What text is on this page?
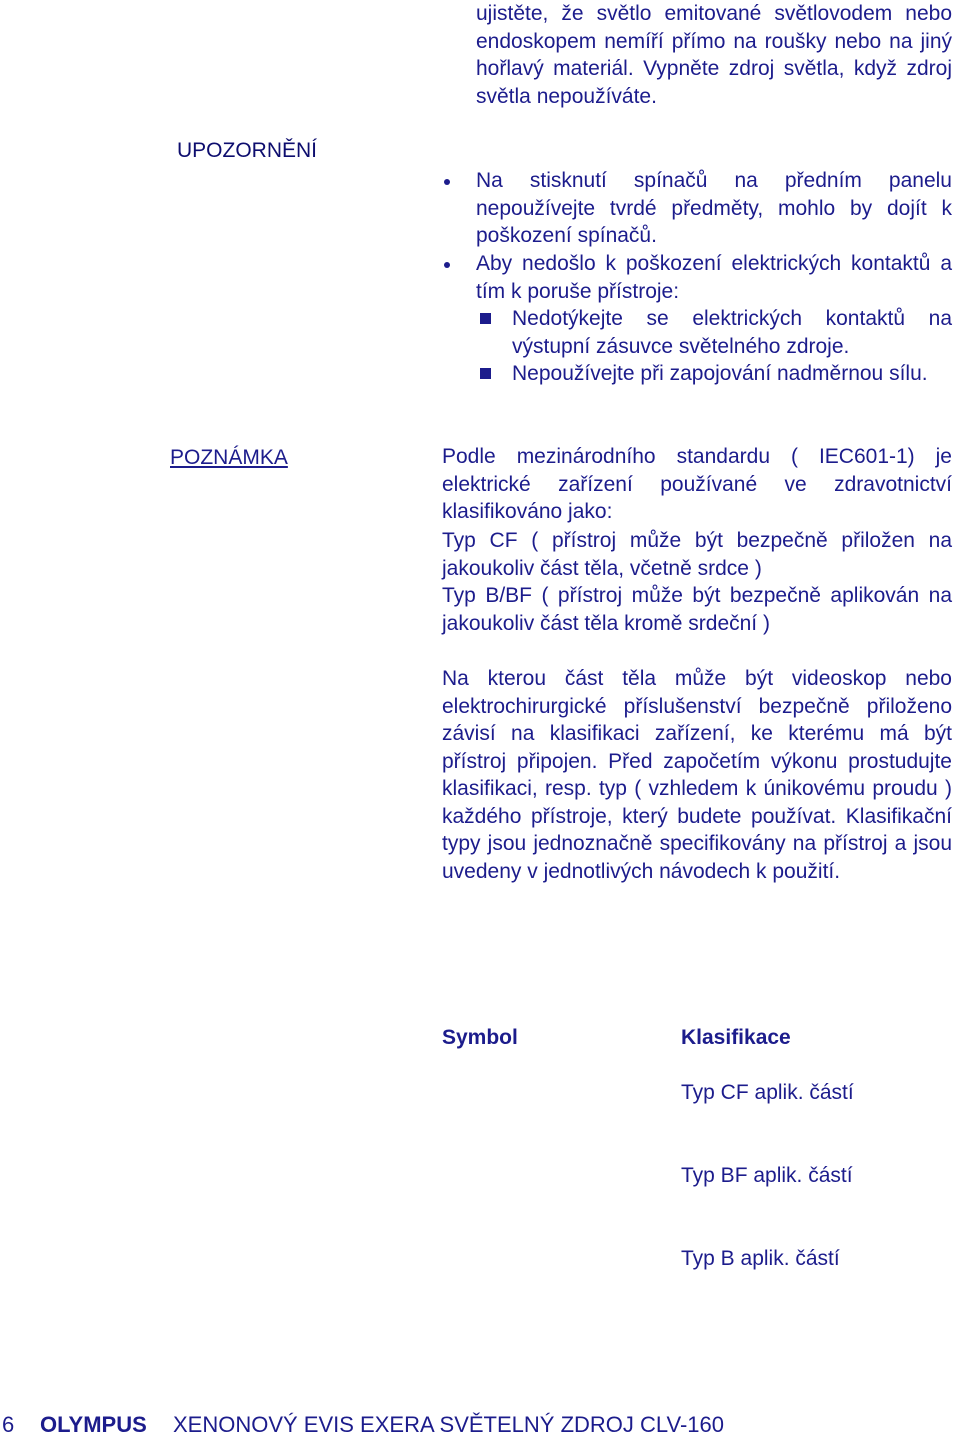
ujistěte, že světlo emitované světlovodem nebo endoskopem nemíří přímo na roušky nebo na jiný hořlavý materiál. Vypněte zdroj světla, když zdroj světla nepoužíváte.
UPOZORNĚNÍ
Na stisknutí spínačů na předním panelu nepoužívejte tvrdé předměty, mohlo by dojít k poškození spínačů.
Aby nedošlo k poškození elektrických kontaktů a tím k poruše přístroje:
Nedotýkejte se elektrických kontaktů na výstupní zásuvce světelného zdroje.
Nepoužívejte při zapojování nadměrnou sílu.
POZNÁMKA	Podle mezinárodního standardu ( IEC601-1) je elektrické zařízení používané ve zdravotnictví klasifikováno jako:
Typ CF ( přístroj může být bezpečně přiložen na jakoukoliv část těla, včetně srdce )
Typ B/BF ( přístroj může být bezpečně aplikován na jakoukoliv část těla kromě srdeční )
Na kterou část těla může být videoskop nebo elektrochirurgické příslušenství bezpečně přiloženo závisí na klasifikaci zařízení, ke kterému má být přístroj připojen. Před započetím výkonu prostudujte klasifikaci, resp. typ ( vzhledem k únikovému proudu ) každého přístroje, který budete používat. Klasifikační typy jsou jednoznačně specifikovány na přístroj a jsou uvedeny v jednotlivých návodech k použití.
Symbol	Klasifikace
Typ CF aplik. částí
Typ BF aplik. částí
Typ B aplik. částí
6 OLYMPUS XENONOVÝ EVIS EXERA SVĚTELNÝ ZDROJ CLV-160
